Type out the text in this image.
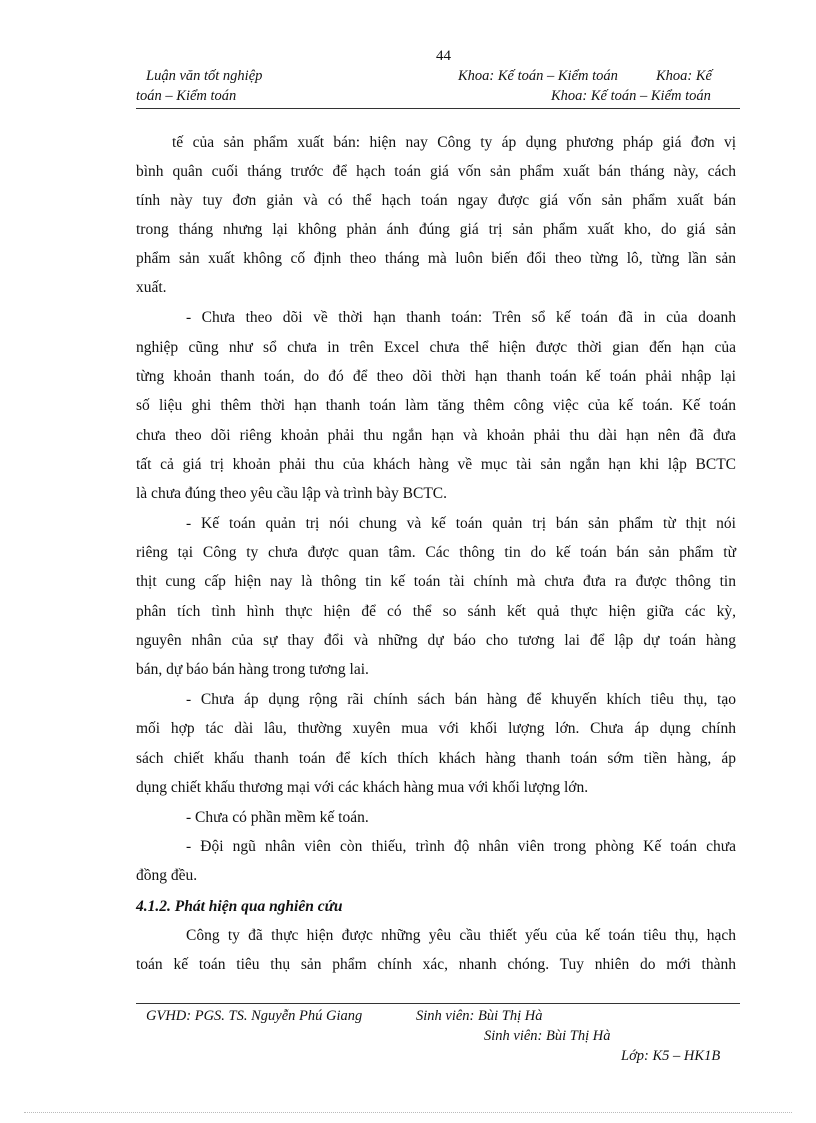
44
Luận văn tốt nghiệp
toán – Kiểm toán
Khoa: Kế toán – Kiểm toán	Khoa: Kế
Khoa: Kế toán – Kiểm toán
tế của sản phẩm xuất bán: hiện nay Công ty áp dụng phương pháp giá đơn vị
bình quân cuối tháng trước để hạch toán giá vốn sản phẩm xuất bán tháng này, cách
tính này tuy đơn giản và có thể hạch toán ngay được giá vốn sản phẩm xuất bán
trong tháng nhưng lại không phản ánh đúng giá trị sản phẩm xuất kho, do giá sản
phẩm sản xuất không cố định theo tháng mà luôn biến đổi theo từng lô, từng lần sản
xuất.
- Chưa theo dõi về thời hạn thanh toán: Trên sổ kế toán đã in của doanh
nghiệp cũng như sổ chưa in trên Excel chưa thể hiện được thời gian đến hạn của
từng khoản thanh toán, do đó để theo dõi thời hạn thanh toán kế toán phải nhập lại
số liệu ghi thêm thời hạn thanh toán làm tăng thêm công việc của kế toán. Kế toán
chưa theo dõi riêng khoản phải thu ngắn hạn và khoản phải thu dài hạn nên đã đưa
tất cả giá trị khoản phải thu của khách hàng về mục tài sản ngắn hạn khi lập BCTC
là chưa đúng theo yêu cầu lập và trình bày BCTC.
- Kế toán quản trị nói chung và kế toán quản trị bán sản phẩm từ thịt nói
riêng tại Công ty chưa được quan tâm. Các thông tin do kế toán bán sản phẩm từ
thịt cung cấp hiện nay là thông tin kế toán tài chính mà chưa đưa ra được thông tin
phân tích tình hình thực hiện để có thể so sánh kết quả thực hiện giữa các kỳ,
nguyên nhân của sự thay đổi và những dự báo cho tương lai để lập dự toán hàng
bán, dự báo bán hàng trong tương lai.
- Chưa áp dụng rộng rãi chính sách bán hàng để khuyến khích tiêu thụ, tạo
mối hợp tác dài lâu, thường xuyên mua với khối lượng lớn. Chưa áp dụng chính
sách chiết khấu thanh toán để kích thích khách hàng thanh toán sớm tiền hàng, áp
dụng chiết khấu thương mại với các khách hàng mua với khối lượng lớn.
- Chưa có phần mềm kế toán.
- Đội ngũ nhân viên còn thiếu, trình độ nhân viên trong phòng Kế toán chưa
đồng đều.
4.1.2. Phát hiện qua nghiên cứu
Công ty đã thực hiện được những yêu cầu thiết yếu của kế toán tiêu thụ, hạch
toán kế toán tiêu thụ sản phẩm chính xác, nhanh chóng. Tuy nhiên do mới thành
GVHD: PGS. TS. Nguyễn Phú Giang	Sinh viên: Bùi Thị Hà
Sinh viên: Bùi Thị Hà
Lớp: K5 – HK1B
